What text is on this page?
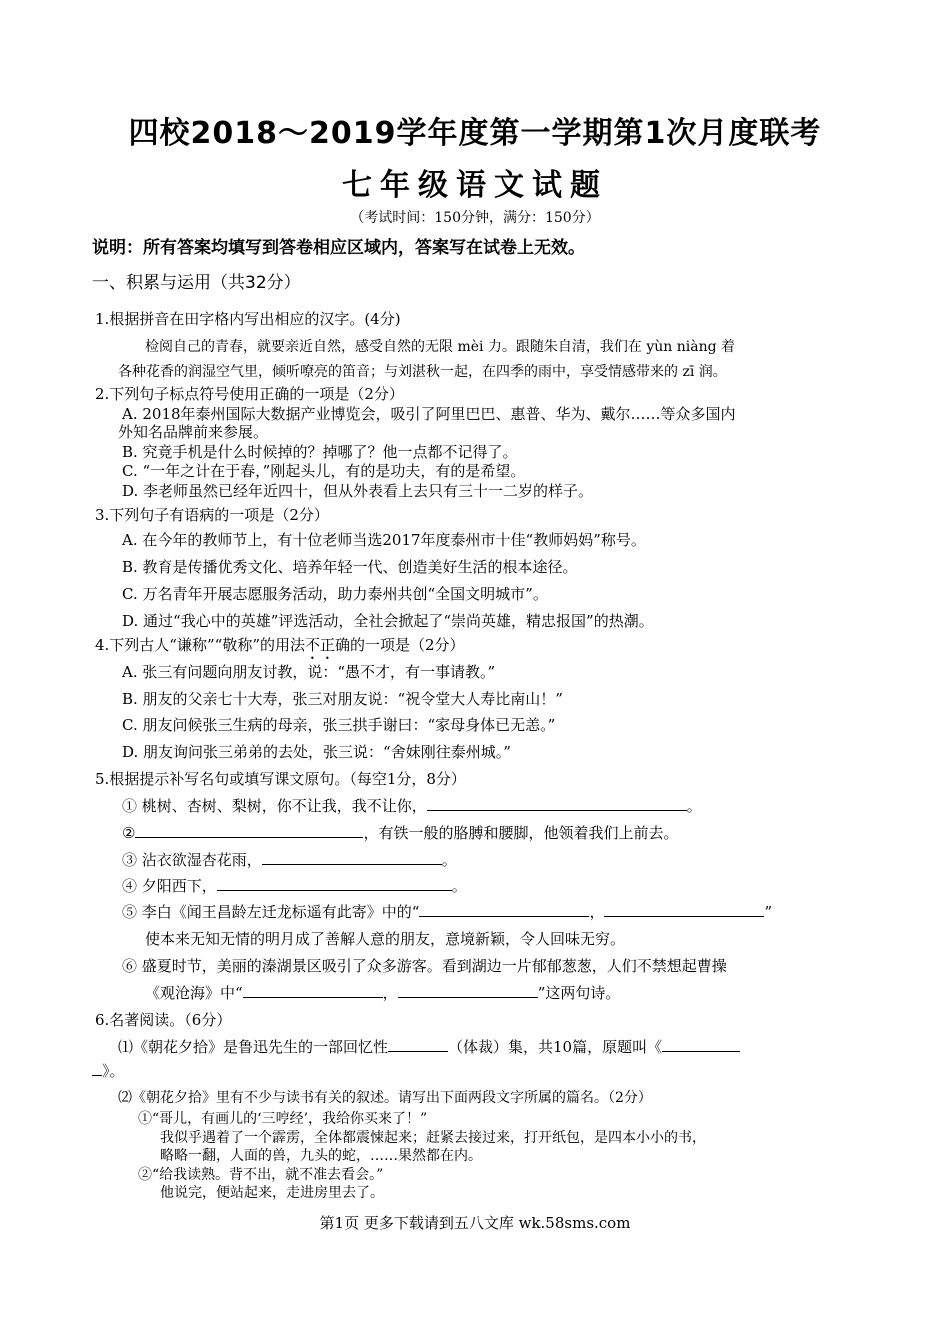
四校2018～2019学年度第一学期第1次月度联考
七年级语文试题
（考试时间：150分钟，满分：150分）
说明：所有答案均填写到答卷相应区域内，答案写在试卷上无效。
一、积累与运用（共32分）
1.根据拼音在田字格内写出相应的汉字。(4分)
检阅自己的青春，就要亲近自然，感受自然的无限 mèi 力。跟随朱自清，我们在 yùn niàng 着
各种花香的润湿空气里，倾听嘹亮的笛音；与刘湛秋一起，在四季的雨中，享受情感带来的 zī 润。
2.下列句子标点符号使用正确的一项是（2分）
A. 2018年泰州国际大数据产业博览会，吸引了阿里巴巴、惠普、华为、戴尔……等众多国内
外知名品牌前来参展。
B. 究竟手机是什么时候掉的？掉哪了？他一点都不记得了。
C. “一年之计在于春，”刚起头儿，有的是功夫，有的是希望。
D. 李老师虽然已经年近四十，但从外表看上去只有三十一二岁的样子。
3.下列句子有语病的一项是（2分）
A. 在今年的教师节上，有十位老师当选2017年度泰州市十佳“教师妈妈”称号。
B. 教育是传播优秀文化、培养年轻一代、创造美好生活的根本途径。
C. 万名青年开展志愿服务活动，助力泰州共创“全国文明城市”。
D. 通过“我心中的英雄”评选活动，全社会掀起了“崇尚英雄，精忠报国”的热潮。
4.下列古人“谦称”“敬称”的用法不正确的一项是（2分）
A. 张三有问题向朋友讨教，说：“愚不才，有一事请教。”
B. 朋友的父亲七十大寿，张三对朋友说：“祝令堂大人寿比南山！”
C. 朋友问候张三生病的母亲，张三拱手谢曰：“家母身体已无恙。”
D. 朋友询问张三弟弟的去处，张三说：“舍妹刚往泰州城。”
5.根据提示补写名句或填写课文原句。（每空1分，8分）
① 桃树、杏树、梨树，你不让我，我不让你，	。
②	，有铁一般的胳膊和腰脚，他领着我们上前去。
③ 沾衣欲湿杏花雨，	。
④ 夕阳西下，	。
⑤ 李白《闻王昌龄左迁龙标遥有此寄》中的“	，	”
使本来无知无情的明月成了善解人意的朋友，意境新颖，令人回味无穷。
⑥ 盛夏时节，美丽的溱湖景区吸引了众多游客。看到湖边一片郁郁葱葱，人们不禁想起曹操
《观沧海》中“	，	”这两句诗。
6.名著阅读。（6分）
⑴《朝花夕拾》是鲁迅先生的一部回忆性	（体裁）集，共10篇，原题叫《
》。
⑵《朝花夕拾》里有不少与读书有关的叙述。请写出下面两段文字所属的篇名。（2分）
①“哥儿，有画儿的‘三哼经’，我给你买来了！”
我似乎遇着了一个霹雳，全体都震悚起来；赶紧去接过来，打开纸包，是四本小小的书，
略略一翻，人面的兽，九头的蛇，……果然都在内。
②“给我读熟。背不出，就不准去看会。”
他说完，便站起来，走进房里去了。
第1页 更多下载请到五八文库 wk.58sms.com
